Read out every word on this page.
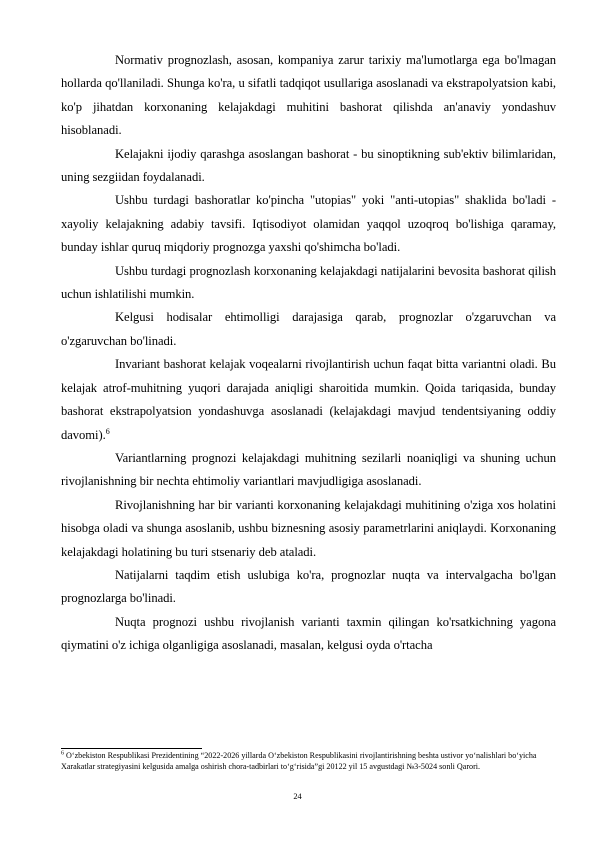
Normativ prognozlash, asosan, kompaniya zarur tarixiy ma'lumotlarga ega bo'lmagan hollarda qo'llaniladi. Shunga ko'ra, u sifatli tadqiqot usullariga asoslanadi va ekstrapolyatsion kabi, ko'p jihatdan korxonaning kelajakdagi muhitini bashorat qilishda an'anaviy yondashuv hisoblanadi.

Kelajakni ijodiy qarashga asoslangan bashorat - bu sinoptikning sub'ektiv bilimlaridan, uning sezgiidan foydalanadi.

Ushbu turdagi bashoratlar ko'pincha "utopias" yoki "anti-utopias" shaklida bo'ladi - xayoliy kelajakning adabiy tavsifi. Iqtisodiyot olamidan yaqqol uzoqroq bo'lishiga qaramay, bunday ishlar quruq miqdoriy prognozga yaxshi qo'shimcha bo'ladi.

Ushbu turdagi prognozlash korxonaning kelajakdagi natijalarini bevosita bashorat qilish uchun ishlatilishi mumkin.

Kelgusi hodisalar ehtimolligi darajasiga qarab, prognozlar o'zgaruvchan va o'zgaruvchan bo'linadi.

Invariant bashorat kelajak voqealarni rivojlantirish uchun faqat bitta variantni oladi. Bu kelajak atrof-muhitning yuqori darajada aniqligi sharoitida mumkin. Qoida tariqasida, bunday bashorat ekstrapolyatsion yondashuvga asoslanadi (kelajakdagi mavjud tendentsiyaning oddiy davomi).$^6$

Variantlarning prognozi kelajakdagi muhitning sezilarli noaniqligi va shuning uchun rivojlanishning bir nechta ehtimoliy variantlari mavjudligiga asoslanadi.

Rivojlanishning har bir varianti korxonaning kelajakdagi muhitining o'ziga xos holatini hisobga oladi va shunga asoslanib, ushbu biznesning asosiy parametrlarini aniqlaydi. Korxonaning kelajakdagi holatining bu turi stsenariy deb ataladi.

Natijalarni taqdim etish uslubiga ko'ra, prognozlar nuqta va intervalgacha bo'lgan prognozlarga bo'linadi.

Nuqta prognozi ushbu rivojlanish varianti taxmin qilingan ko'rsatkichning yagona qiymatini o'z ichiga olganligiga asoslanadi, masalan, kelgusi oyda o'rtacha

$^6$ O‘zbekiston Respublikasi Prezidentining “2022-2026 yillarda O‘zbekiston Respublikasini rivojlantirishning beshta ustivor yo‘nalishlari bo‘yicha Xarakatlar strategiyasini kelgusida amalga oshirish chora-tadbirlari to‘g‘risida”gi 20122 yil 15 avgustdagi №3-5024 sonli Qarori.
24
